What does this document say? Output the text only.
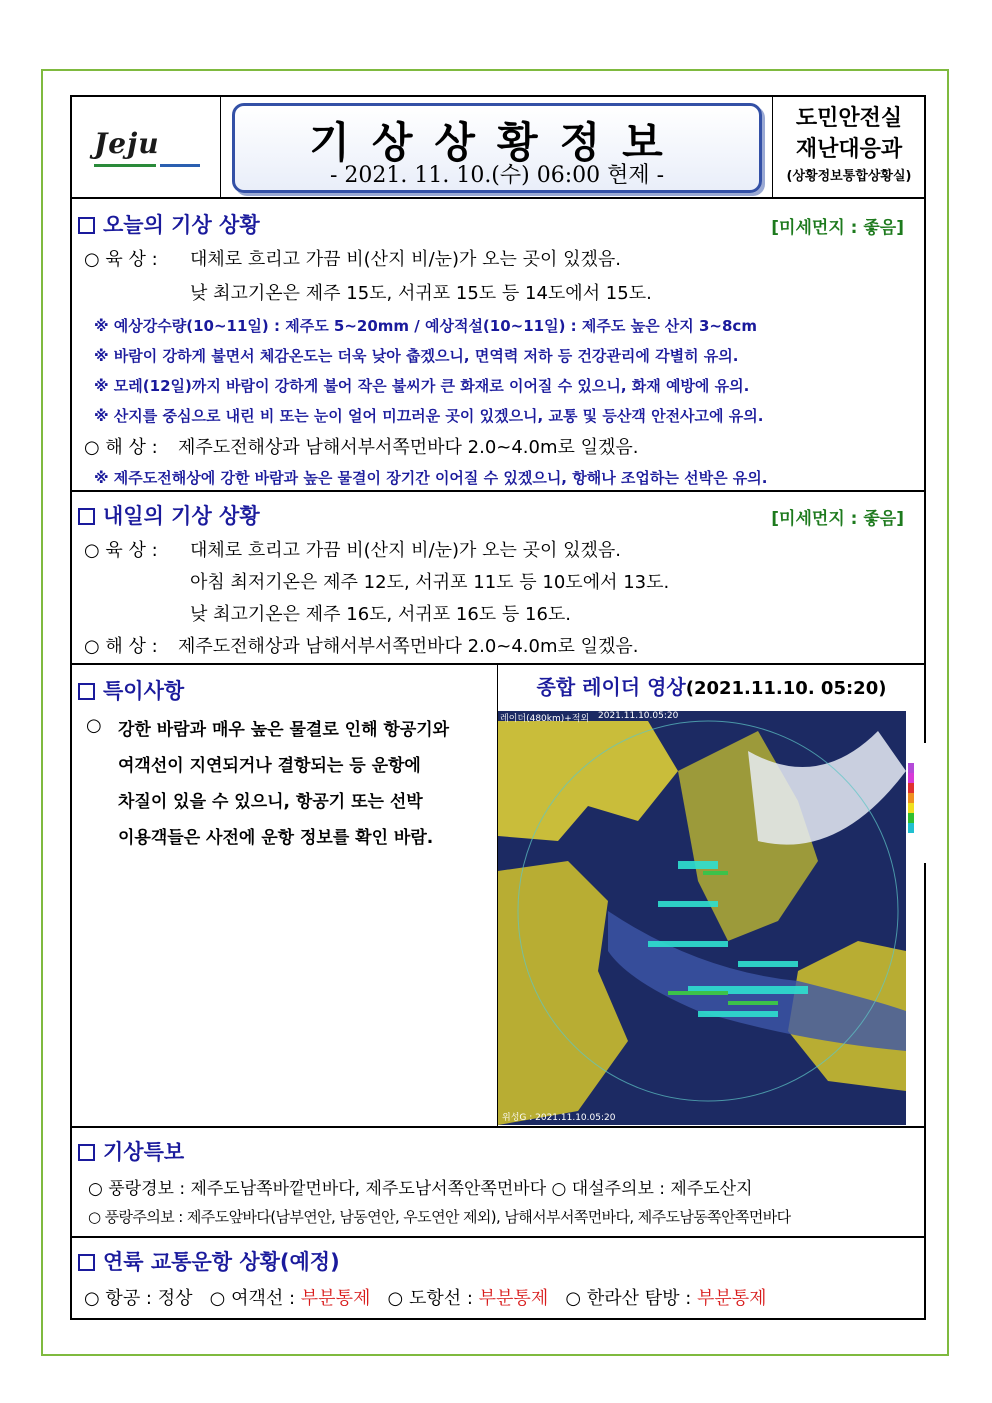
Jeju	기상상황정보
- 2021. 11. 10.(수) 06:00 현제 -
도민안전실
재난대응과
(상황정보통합상황실)
오늘의 기상 상황	[미세먼지 : 좋음]
○ 육 상 : 대체로 흐리고 가끔 비(산지 비/눈)가 오는 곳이 있겠음.
낮 최고기온은 제주 15도, 서귀포 15도 등 14도에서 15도.
※ 예상강수량(10~11일) : 제주도 5~20mm / 예상적설(10~11일) : 제주도 높은 산지 3~8cm
※ 바람이 강하게 불면서 체감온도는 더욱 낮아 춥겠으니, 면역력 저하 등 건강관리에 각별히 유의.
※ 모레(12일)까지 바람이 강하게 불어 작은 불씨가 큰 화재로 이어질 수 있으니, 화재 예방에 유의.
※ 산지를 중심으로 내린 비 또는 눈이 얼어 미끄러운 곳이 있겠으니, 교통 및 등산객 안전사고에 유의.
○ 해 상 : 제주도전해상과 남해서부서쪽먼바다 2.0~4.0m로 일겠음.
※ 제주도전해상에 강한 바람과 높은 물결이 장기간 이어질 수 있겠으니, 항해나 조업하는 선박은 유의.
내일의 기상 상황	[미세먼지 : 좋음]
○ 육 상 : 대체로 흐리고 가끔 비(산지 비/눈)가 오는 곳이 있겠음.
아침 최저기온은 제주 12도, 서귀포 11도 등 10도에서 13도.
낮 최고기온은 제주 16도, 서귀포 16도 등 16도.
○ 해 상 : 제주도전해상과 남해서부서쪽먼바다 2.0~4.0m로 일겠음.
특이사항
○ 강한 바람과 매우 높은 물결로 인해 항공기와
여객선이 지연되거나 결항되는 등 운항에
차질이 있을 수 있으니, 항공기 또는 선박
이용객들은 사전에 운항 정보를 확인 바람.
종합 레이더 영상(2021.11.10. 05:20)
레이더(480km)+적외 2021.11.10.05:20
위성G : 2021.11.10.05:20
기상특보
○ 풍랑경보 : 제주도남쪽바깥먼바다, 제주도남서쪽안쪽먼바다 ○ 대설주의보 : 제주도산지
○ 풍랑주의보 : 제주도앞바다(남부연안, 남동연안, 우도연안 제외), 남해서부서쪽먼바다, 제주도남동쪽안쪽먼바다
연륙 교통운항 상황(예정)
○ 항공 : 정상 ○ 여객선 : 부분통제 ○ 도항선 : 부분통제 ○ 한라산 탐방 : 부분통제
